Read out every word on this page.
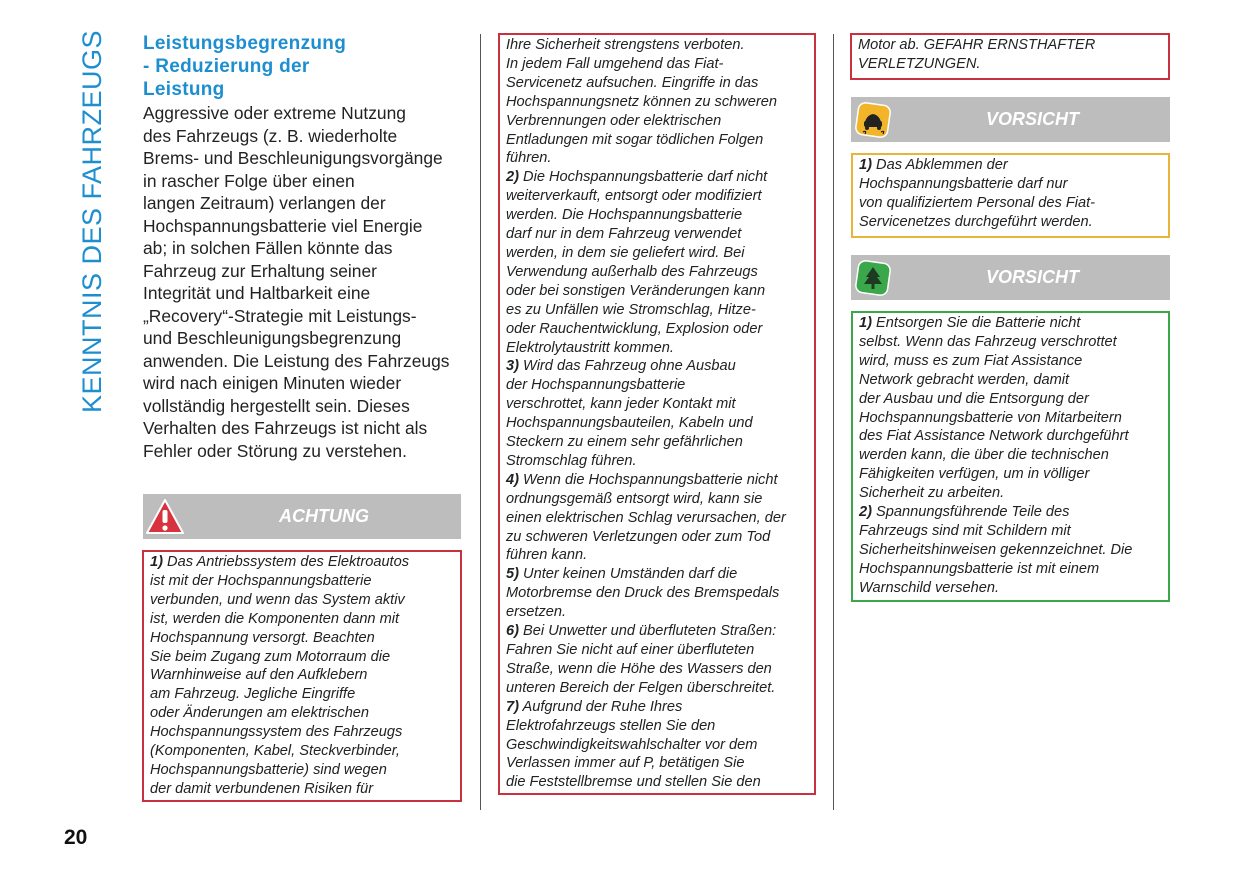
KENNTNIS DES FAHRZEUGS Leistungsbegrenzung
- Reduzierung der
Leistung
Aggressive oder extreme Nutzung
des Fahrzeugs (z. B. wiederholte
Brems- und Beschleunigungsvorgänge
in rascher Folge über einen
langen Zeitraum) verlangen der
Hochspannungsbatterie viel Energie
ab; in solchen Fällen könnte das
Fahrzeug zur Erhaltung seiner
Integrität und Haltbarkeit eine
„Recovery“-Strategie mit Leistungs-
und Beschleunigungsbegrenzung
anwenden. Die Leistung des Fahrzeugs
wird nach einigen Minuten wieder
vollständig hergestellt sein. Dieses
Verhalten des Fahrzeugs ist nicht als
Fehler oder Störung zu verstehen.
ACHTUNG
1) Das Antriebssystem des Elektroautos
ist mit der Hochspannungsbatterie
verbunden, und wenn das System aktiv
ist, werden die Komponenten dann mit
Hochspannung versorgt. Beachten
Sie beim Zugang zum Motorraum die
Warnhinweise auf den Aufklebern
am Fahrzeug. Jegliche Eingriffe
oder Änderungen am elektrischen
Hochspannungssystem des Fahrzeugs
(Komponenten, Kabel, Steckverbinder,
Hochspannungsbatterie) sind wegen
der damit verbundenen Risiken für
Ihre Sicherheit strengstens verboten.
In jedem Fall umgehend das Fiat-
Servicenetz aufsuchen. Eingriffe in das
Hochspannungsnetz können zu schweren
Verbrennungen oder elektrischen
Entladungen mit sogar tödlichen Folgen
führen.
2) Die Hochspannungsbatterie darf nicht
weiterverkauft, entsorgt oder modifiziert
werden. Die Hochspannungsbatterie
darf nur in dem Fahrzeug verwendet
werden, in dem sie geliefert wird. Bei
Verwendung außerhalb des Fahrzeugs
oder bei sonstigen Veränderungen kann
es zu Unfällen wie Stromschlag, Hitze-
oder Rauchentwicklung, Explosion oder
Elektrolytaustritt kommen.
3) Wird das Fahrzeug ohne Ausbau
der Hochspannungsbatterie
verschrottet, kann jeder Kontakt mit
Hochspannungsbauteilen, Kabeln und
Steckern zu einem sehr gefährlichen
Stromschlag führen.
4) Wenn die Hochspannungsbatterie nicht
ordnungsgemäß entsorgt wird, kann sie
einen elektrischen Schlag verursachen, der
zu schweren Verletzungen oder zum Tod
führen kann.
5) Unter keinen Umständen darf die
Motorbremse den Druck des Bremspedals
ersetzen.
6) Bei Unwetter und überfluteten Straßen:
Fahren Sie nicht auf einer überfluteten
Straße, wenn die Höhe des Wassers den
unteren Bereich der Felgen überschreitet.
7) Aufgrund der Ruhe Ihres
Elektrofahrzeugs stellen Sie den
Geschwindigkeitswahlschalter vor dem
Verlassen immer auf P, betätigen Sie
die Feststellbremse und stellen Sie den
Motor ab. GEFAHR ERNSTHAFTER
VERLETZUNGEN.
VORSICHT
1) Das Abklemmen der
Hochspannungsbatterie darf nur
von qualifiziertem Personal des Fiat-
Servicenetzes durchgeführt werden.
VORSICHT
1) Entsorgen Sie die Batterie nicht
selbst. Wenn das Fahrzeug verschrottet
wird, muss es zum Fiat Assistance
Network gebracht werden, damit
der Ausbau und die Entsorgung der
Hochspannungsbatterie von Mitarbeitern
des Fiat Assistance Network durchgeführt
werden kann, die über die technischen
Fähigkeiten verfügen, um in völliger
Sicherheit zu arbeiten.
2) Spannungsführende Teile des
Fahrzeugs sind mit Schildern mit
Sicherheitshinweisen gekennzeichnet. Die
Hochspannungsbatterie ist mit einem
Warnschild versehen.
20
